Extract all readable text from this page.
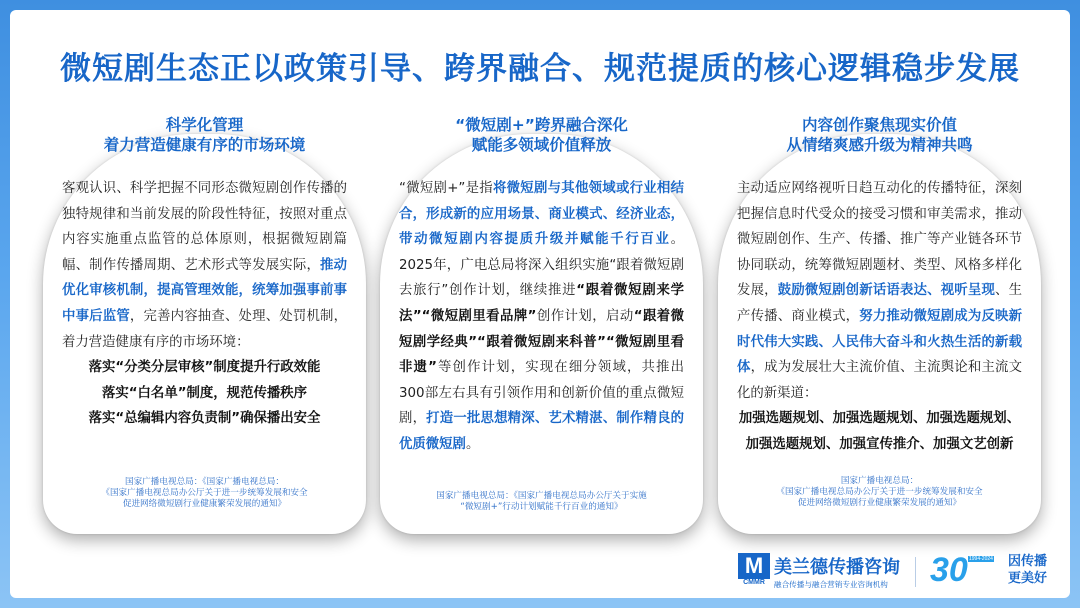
微短剧生态正以政策引导、跨界融合、规范提质的核心逻辑稳步发展
科学化管理
着力营造健康有序的市场环境
客观认识、科学把握不同形态微短剧创作传播的独特规律和当前发展的阶段性特征，按照对重点内容实施重点监管的总体原则，根据微短剧篇幅、制作传播周期、艺术形式等发展实际，推动优化审核机制，提高管理效能，统筹加强事前事中事后监管，完善内容抽查、处理、处罚机制，着力营造健康有序的市场环境：
落实“分类分层审核”制度提升行政效能
落实“白名单”制度，规范传播秩序
落实“总编辑内容负责制”确保播出安全
国家广播电视总局：《国家广播电视总局：
《国家广播电视总局办公厅关于进一步统筹发展和安全
促进网络微短剧行业健康繁荣发展的通知》
“微短剧+”跨界融合深化
赋能多领域价值释放
“微短剧+”是指将微短剧与其他领域或行业相结合，形成新的应用场景、商业模式、经济业态，带动微短剧内容提质升级并赋能千行百业。2025年，广电总局将深入组织实施“跟着微短剧去旅行”创作计划，继续推进“跟着微短剧来学法”“微短剧里看品牌”创作计划，启动“跟着微短剧学经典”“跟着微短剧来科普”“微短剧里看非遗”等创作计划，实现在细分领域，共推出300部左右具有引领作用和创新价值的重点微短剧，打造一批思想精深、艺术精湛、制作精良的优质微短剧。
国家广播电视总局：《国家广播电视总局办公厅关于实施
“微短剧+”行动计划赋能千行百业的通知》
内容创作聚焦现实价值
从情绪爽感升级为精神共鸣
主动适应网络视听日趋互动化的传播特征，深刻把握信息时代受众的接受习惯和审美需求，推动微短剧创作、生产、传播、推广等产业链各环节协同联动，统筹微短剧题材、类型、风格多样化发展，鼓励微短剧创新话语表达、视听呈现、生产传播、商业模式，努力推动微短剧成为反映新时代伟大实践、人民伟大奋斗和火热生活的新载体，成为发展壮大主流价值、主流舆论和主流文化的新渠道：
加强选题规划、加强选题规划、加强选题规划、
加强选题规划、加强宣传推介、加强文艺创新
国家广播电视总局：
《国家广播电视总局办公厅关于进一步统筹发展和安全
促进网络微短剧行业健康繁荣发展的通知》
M
CMMR
美兰德传播咨询
融合传播与融合营销专业咨询机构 30 1994-2024 因传播
更美好
